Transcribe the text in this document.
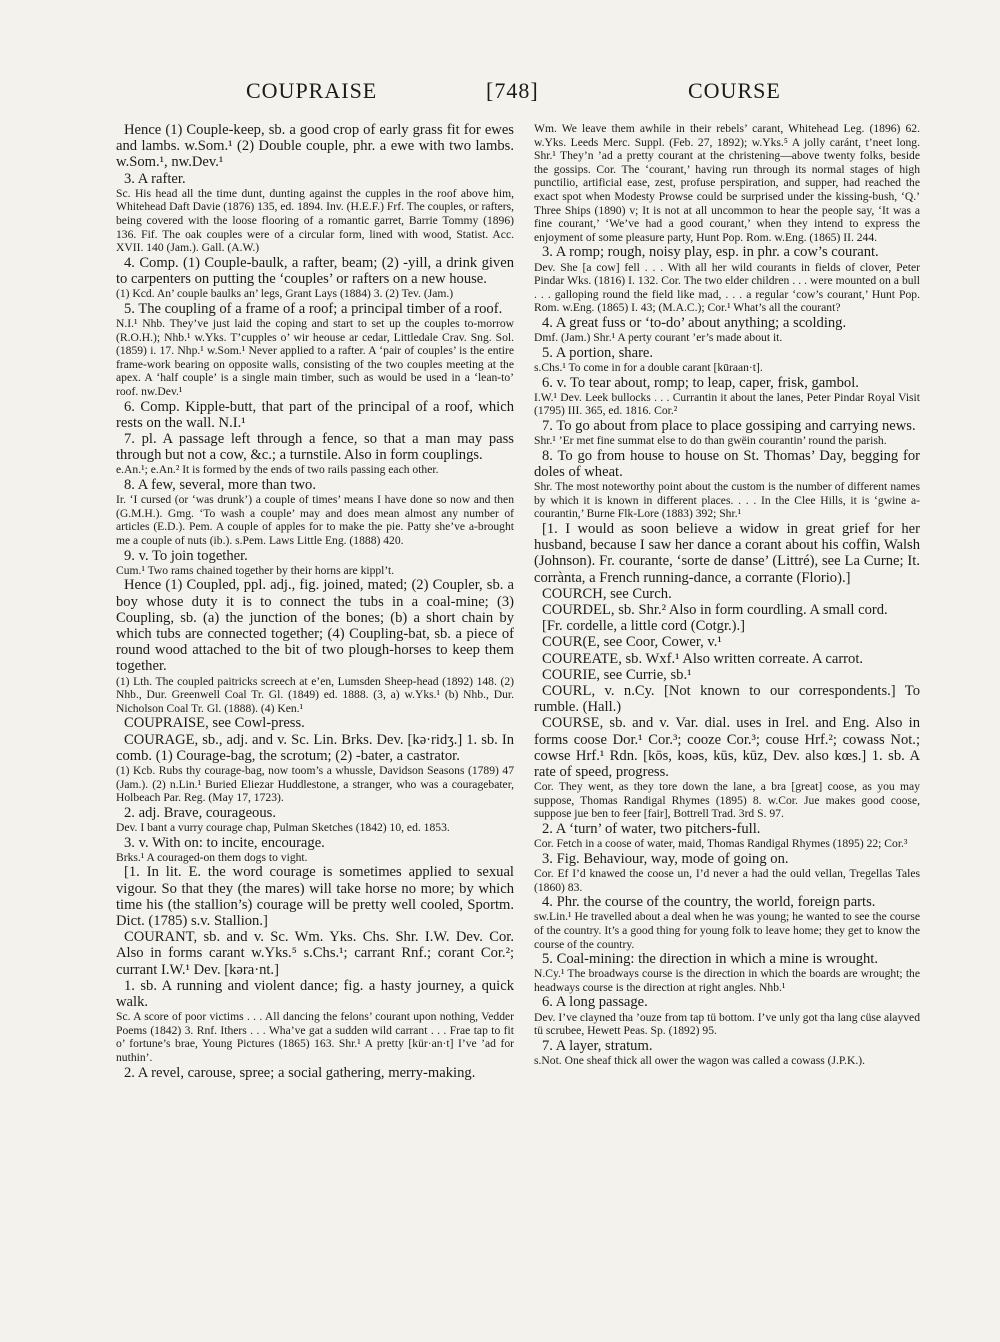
COUPRAISE	[748]	COURSE

Hence (1) Couple-keep, sb. a good crop of early grass fit for ewes and lambs. w.Som.¹ (2) Double couple, phr. a ewe with two lambs. w.Som.¹, nw.Dev.¹

3. A rafter.

Sc. His head all the time dunt, dunting against the cupples in the roof above him, Whitehead Daft Davie (1876) 135, ed. 1894. Inv. (H.E.F.) Frf. The couples, or rafters, being covered with the loose flooring of a romantic garret, Barrie Tommy (1896) 136. Fif. The oak couples were of a circular form, lined with wood, Statist. Acc. XVII. 140 (Jam.). Gall. (A.W.)

4. Comp. (1) Couple-baulk, a rafter, beam; (2) -yill, a drink given to carpenters on putting the ‘couples’ or rafters on a new house.

(1) Kcd. An’ couple baulks an’ legs, Grant Lays (1884) 3. (2) Tev. (Jam.)

5. The coupling of a frame of a roof; a principal timber of a roof.

N.I.¹ Nhb. They’ve just laid the coping and start to set up the couples to-morrow (R.O.H.); Nhb.¹ w.Yks. T’cupples o’ wir heouse ar cedar, Littledale Crav. Sng. Sol. (1859) i. 17. Nhp.¹ w.Som.¹ Never applied to a rafter. A ‘pair of couples’ is the entire frame-work bearing on opposite walls, consisting of the two couples meeting at the apex. A ‘half couple’ is a single main timber, such as would be used in a ‘lean-to’ roof. nw.Dev.¹

6. Comp. Kipple-butt, that part of the principal of a roof, which rests on the wall. N.I.¹

7. pl. A passage left through a fence, so that a man may pass through but not a cow, &c.; a turnstile. Also in form couplings.

e.An.¹; e.An.² It is formed by the ends of two rails passing each other.

8. A few, several, more than two.

Ir. ‘I cursed (or ‘was drunk’) a couple of times’ means I have done so now and then (G.M.H.). Gmg. ‘To wash a couple’ may and does mean almost any number of articles (E.D.). Pem. A couple of apples for to make the pie. Patty she’ve a-brought me a couple of nuts (ib.). s.Pem. Laws Little Eng. (1888) 420.

9. v. To join together.

Cum.¹ Two rams chained together by their horns are kippl’t.

Hence (1) Coupled, ppl. adj., fig. joined, mated; (2) Coupler, sb. a boy whose duty it is to connect the tubs in a coal-mine; (3) Coupling, sb. (a) the junction of the bones; (b) a short chain by which tubs are connected together; (4) Coupling-bat, sb. a piece of round wood attached to the bit of two plough-horses to keep them together.

(1) Lth. The coupled paitricks screech at e’en, Lumsden Sheep-head (1892) 148. (2) Nhb., Dur. Greenwell Coal Tr. Gl. (1849) ed. 1888. (3, a) w.Yks.¹ (b) Nhb., Dur. Nicholson Coal Tr. Gl. (1888). (4) Ken.¹

COUPRAISE, see Cowl-press.

COURAGE, sb., adj. and v. Sc. Lin. Brks. Dev. [kə·ridʒ.] 1. sb. In comb. (1) Courage-bag, the scrotum; (2) -bater, a castrator.

(1) Kcb. Rubs thy courage-bag, now toom’s a whussle, Davidson Seasons (1789) 47 (Jam.). (2) n.Lin.¹ Buried Eliezar Huddlestone, a stranger, who was a couragebater, Holbeach Par. Reg. (May 17, 1723).

2. adj. Brave, courageous.

Dev. I bant a vurry courage chap, Pulman Sketches (1842) 10, ed. 1853.

3. v. With on: to incite, encourage.

Brks.¹ A couraged-on them dogs to vight.

[1. In lit. E. the word courage is sometimes applied to sexual vigour. So that they (the mares) will take horse no more; by which time his (the stallion’s) courage will be pretty well cooled, Sportm. Dict. (1785) s.v. Stallion.]

COURANT, sb. and v. Sc. Wm. Yks. Chs. Shr. I.W. Dev. Cor. Also in forms carant w.Yks.⁵ s.Chs.¹; carrant Rnf.; corant Cor.²; currant I.W.¹ Dev. [kəra·nt.]

1. sb. A running and violent dance; fig. a hasty journey, a quick walk.

Sc. A score of poor victims . . . All dancing the felons’ courant upon nothing, Vedder Poems (1842) 3. Rnf. Ithers . . . Wha’ve gat a sudden wild carrant . . . Frae tap to fit o’ fortune’s brae, Young Pictures (1865) 163. Shr.¹ A pretty [kür·an·t] I’ve ’ad for nuthin’.

2. A revel, carouse, spree; a social gathering, merry-making.

Wm. We leave them awhile in their rebels’ carant, Whitehead Leg. (1896) 62. w.Yks. Leeds Merc. Suppl. (Feb. 27, 1892); w.Yks.⁵ A jolly caránt, t’neet long. Shr.¹ They’n ’ad a pretty courant at the christening—above twenty folks, beside the gossips. Cor. The ‘courant,’ having run through its normal stages of high punctilio, artificial ease, zest, profuse perspiration, and supper, had reached the exact spot when Modesty Prowse could be surprised under the kissing-bush, ‘Q.’ Three Ships (1890) v; It is not at all uncommon to hear the people say, ‘It was a fine courant,’ ‘We’ve had a good courant,’ when they intend to express the enjoyment of some pleasure party, Hunt Pop. Rom. w.Eng. (1865) II. 244.

3. A romp; rough, noisy play, esp. in phr. a cow’s courant.

Dev. She [a cow] fell . . . With all her wild courants in fields of clover, Peter Pindar Wks. (1816) I. 132. Cor. The two elder children . . . were mounted on a bull . . . galloping round the field like mad, . . . a regular ‘cow’s courant,’ Hunt Pop. Rom. w.Eng. (1865) I. 43; (M.A.C.); Cor.¹ What’s all the courant?

4. A great fuss or ‘to-do’ about anything; a scolding.

Dmf. (Jam.) Shr.¹ A perty courant ’er’s made about it.

5. A portion, share.

s.Chs.¹ To come in for a double carant [kūraan·t].

6. v. To tear about, romp; to leap, caper, frisk, gambol.

I.W.¹ Dev. Leek bullocks . . . Currantin it about the lanes, Peter Pindar Royal Visit (1795) III. 365, ed. 1816. Cor.²

7. To go about from place to place gossiping and carrying news.

Shr.¹ ’Er met fine summat else to do than gwëin courantin’ round the parish.

8. To go from house to house on St. Thomas’ Day, begging for doles of wheat.

Shr. The most noteworthy point about the custom is the number of different names by which it is known in different places. . . . In the Clee Hills, it is ‘gwine a-courantin,’ Burne Flk-Lore (1883) 392; Shr.¹

[1. I would as soon believe a widow in great grief for her husband, because I saw her dance a corant about his coffin, Walsh (Johnson). Fr. courante, ‘sorte de danse’ (Littré), see La Curne; It. corrànta, a French running-dance, a corrante (Florio).]

COURCH, see Curch.

COURDEL, sb. Shr.² Also in form courdling. A small cord.

[Fr. cordelle, a little cord (Cotgr.).]

COUR(E, see Coor, Cower, v.¹

COUREATE, sb. Wxf.¹ Also written correate. A carrot.

COURIE, see Currie, sb.¹

COURL, v. n.Cy. [Not known to our correspondents.] To rumble. (Hall.)

COURSE, sb. and v. Var. dial. uses in Irel. and Eng. Also in forms coose Dor.¹ Cor.³; cooze Cor.³; couse Hrf.²; cowass Not.; cowse Hrf.¹ Rdn. [kōs, koəs, kūs, kūz, Dev. also kœs.] 1. sb. A rate of speed, progress.

Cor. They went, as they tore down the lane, a bra [great] coose, as you may suppose, Thomas Randigal Rhymes (1895) 8. w.Cor. Jue makes good coose, suppose jue ben to feer [fair], Bottrell Trad. 3rd S. 97.

2. A ‘turn’ of water, two pitchers-full.

Cor. Fetch in a coose of water, maid, Thomas Randigal Rhymes (1895) 22; Cor.³

3. Fig. Behaviour, way, mode of going on.

Cor. Ef I’d knawed the coose un, I’d never a had the ould vellan, Tregellas Tales (1860) 83.

4. Phr. the course of the country, the world, foreign parts.

sw.Lin.¹ He travelled about a deal when he was young; he wanted to see the course of the country. It’s a good thing for young folk to leave home; they get to know the course of the country.

5. Coal-mining: the direction in which a mine is wrought.

N.Cy.¹ The broadways course is the direction in which the boards are wrought; the headways course is the direction at right angles. Nhb.¹

6. A long passage.

Dev. I’ve clayned tha ’ouze from tap tü bottom. I’ve unly got tha lang cüse alayved tü scrubee, Hewett Peas. Sp. (1892) 95.

7. A layer, stratum.

s.Not. One sheaf thick all ower the wagon was called a cowass (J.P.K.).
